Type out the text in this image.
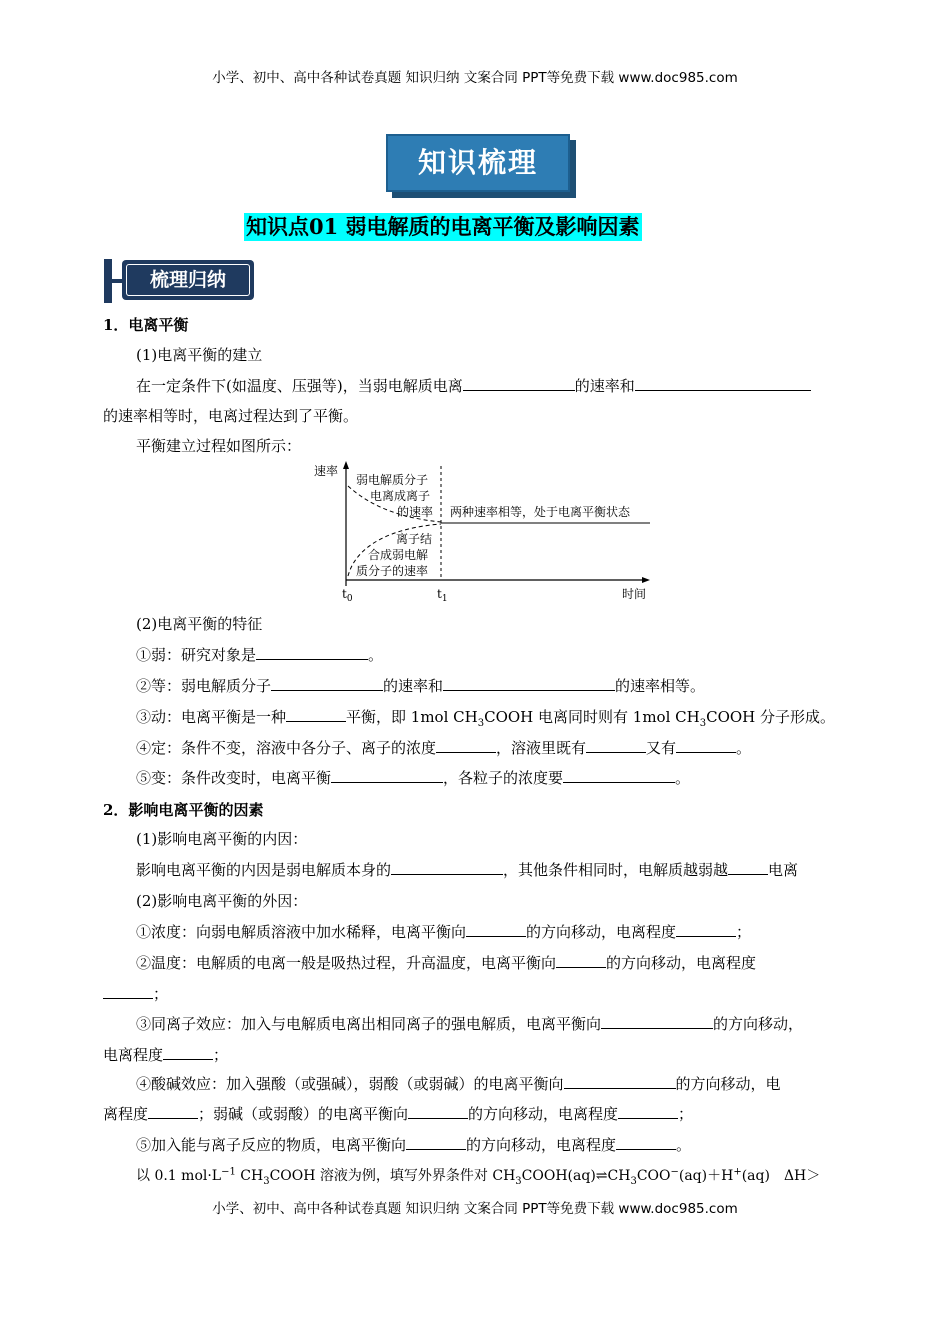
小学、初中、高中各种试卷真题 知识归纳 文案合同 PPT等免费下载 www.doc985.com
知识梳理
知识点01 弱电解质的电离平衡及影响因素
梳理归纳
1．电离平衡
(1)电离平衡的建立
在一定条件下(如温度、压强等)，当弱电解质电离	的速率和
的速率相等时，电离过程达到了平衡。
平衡建立过程如图所示：
速率
时间
弱电解质分子
电离成离子
的速率
离子结
合成弱电解
质分子的速率
两种速率相等，处于电离平衡状态
$t_0$	$t_1$
(2)电离平衡的特征
①弱：研究对象是	。
②等：弱电解质分子	的速率和	的速率相等。
③动：电离平衡是一种	平衡，即 1mol $CH_3COOH$ 电离同时则有 1mol $CH_3COOH$ 分子形成。
④定：条件不变，溶液中各分子、离子的浓度	，溶液里既有	又有	。
⑤变：条件改变时，电离平衡	，各粒子的浓度要	。
2．影响电离平衡的因素
(1)影响电离平衡的内因：
影响电离平衡的内因是弱电解质本身的	，其他条件相同时，电解质越弱越	电离
(2)影响电离平衡的外因：
①浓度：向弱电解质溶液中加水稀释，电离平衡向	的方向移动，电离程度	；
②温度：电解质的电离一般是吸热过程，升高温度，电离平衡向	的方向移动，电离程度
；
③同离子效应：加入与电解质电离出相同离子的强电解质，电离平衡向	的方向移动，
电离程度	；
④酸碱效应：加入强酸（或强碱），弱酸（或弱碱）的电离平衡向	的方向移动，电
离程度	；弱碱（或弱酸）的电离平衡向	的方向移动，电离程度	；
⑤加入能与离子反应的物质，电离平衡向	的方向移动，电离程度	。
以 0.1 $mol\cdot L^{-1}$ $CH_3COOH$ 溶液为例，填写外界条件对 $CH_3COOH(aq)\rightleftharpoons CH_3COO^-(aq)+H^+(aq)$　ΔH＞
小学、初中、高中各种试卷真题 知识归纳 文案合同 PPT等免费下载 www.doc985.com
